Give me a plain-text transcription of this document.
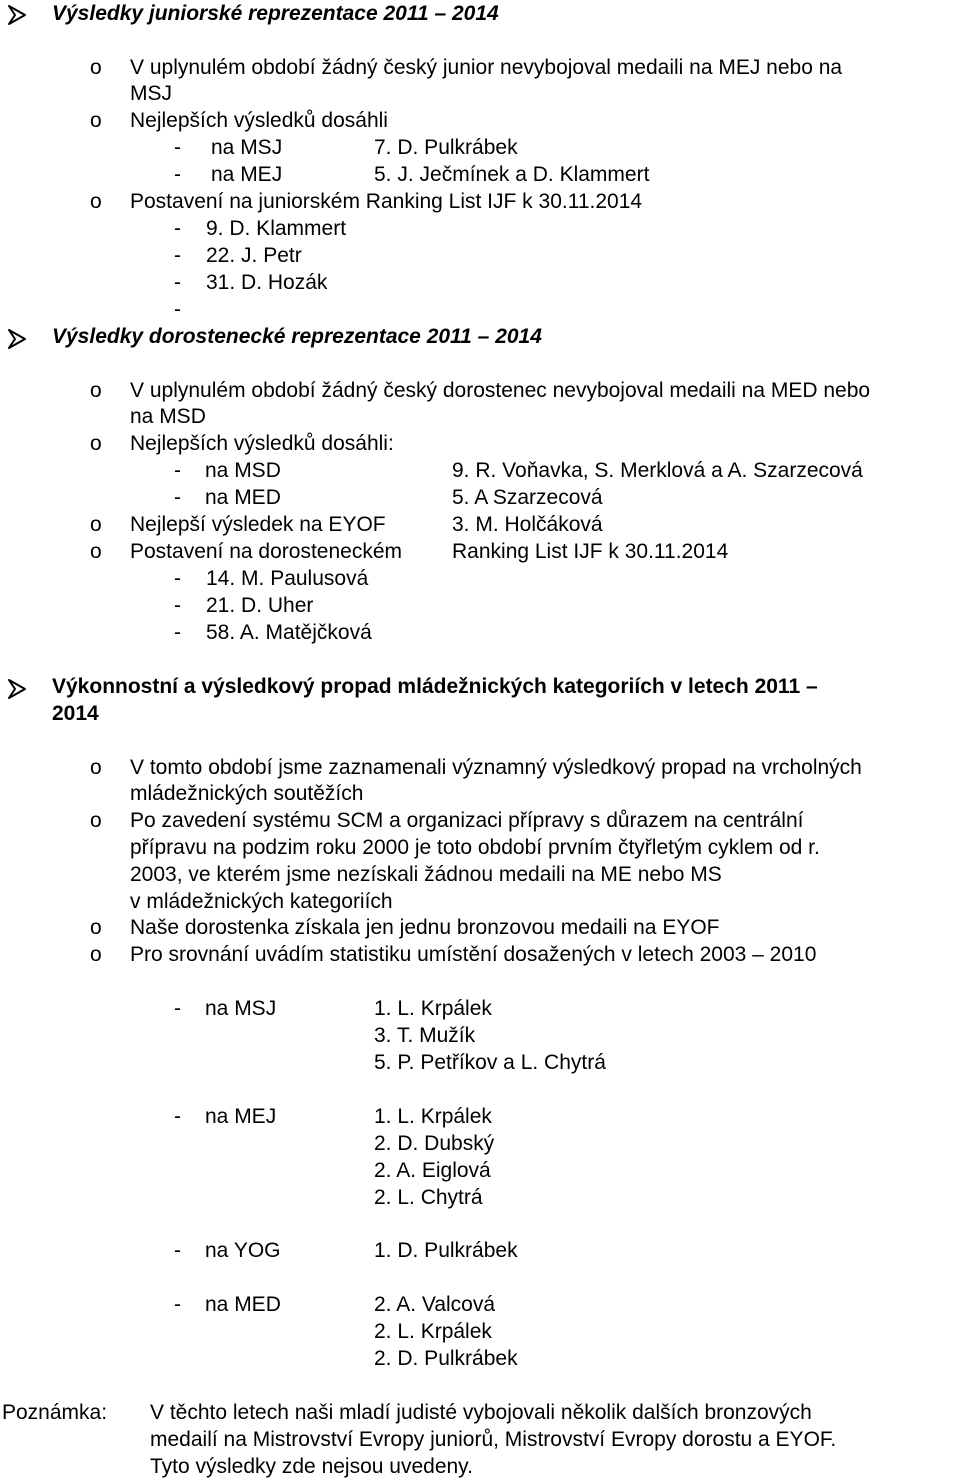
Výsledky juniorské reprezentace 2011 – 2014
o V uplynulém období žádný český junior nevybojoval medaili na MEJ nebo na
MSJ
o Nejlepších výsledků dosáhli
- na MSJ	7. D. Pulkrábek
- na MEJ	5. J. Ječmínek a D. Klammert
o Postavení na juniorském Ranking List IJF k 30.11.2014
- 9. D. Klammert
- 22. J. Petr
- 31. D. Hozák
-
Výsledky dorostenecké reprezentace 2011 – 2014
o V uplynulém období žádný český dorostenec nevybojoval medaili na MED nebo
na MSD
o Nejlepších výsledků dosáhli:
- na MSD	9. R. Voňavka, S. Merklová a A. Szarzecová
- na MED	5. A Szarzecová
o Nejlepší výsledek na EYOF	3. M. Holčáková
o Postavení na dorosteneckém Ranking List IJF k 30.11.2014
- 14. M. Paulusová
- 21. D. Uher
- 58. A. Matějčková
Výkonnostní a výsledkový propad mládežnických kategoriích v letech 2011 –
2014
o V tomto období jsme zaznamenali významný výsledkový propad na vrcholných
mládežnických soutěžích
o Po zavedení systému SCM a organizaci přípravy s důrazem na centrální
přípravu na podzim roku 2000 je toto období prvním čtyřletým cyklem od r.
2003, ve kterém jsme nezískali žádnou medaili na ME nebo MS
v mládežnických kategoriích
o Naše dorostenka získala jen jednu bronzovou medaili na EYOF
o Pro srovnání uvádím statistiku umístění dosažených v letech 2003 – 2010
- na MSJ	1. L. Krpálek
3. T. Mužík
5. P. Petříkov a L. Chytrá
- na MEJ	1. L. Krpálek
2. D. Dubský
2. A. Eiglová
2. L. Chytrá
- na YOG	1. D. Pulkrábek
- na MED	2. A. Valcová
2. L. Krpálek
2. D. Pulkrábek
Poznámka: V těchto letech naši mladí judisté vybojovali několik dalších bronzových
medailí na Mistrovství Evropy juniorů, Mistrovství Evropy dorostu a EYOF.
Tyto výsledky zde nejsou uvedeny.
